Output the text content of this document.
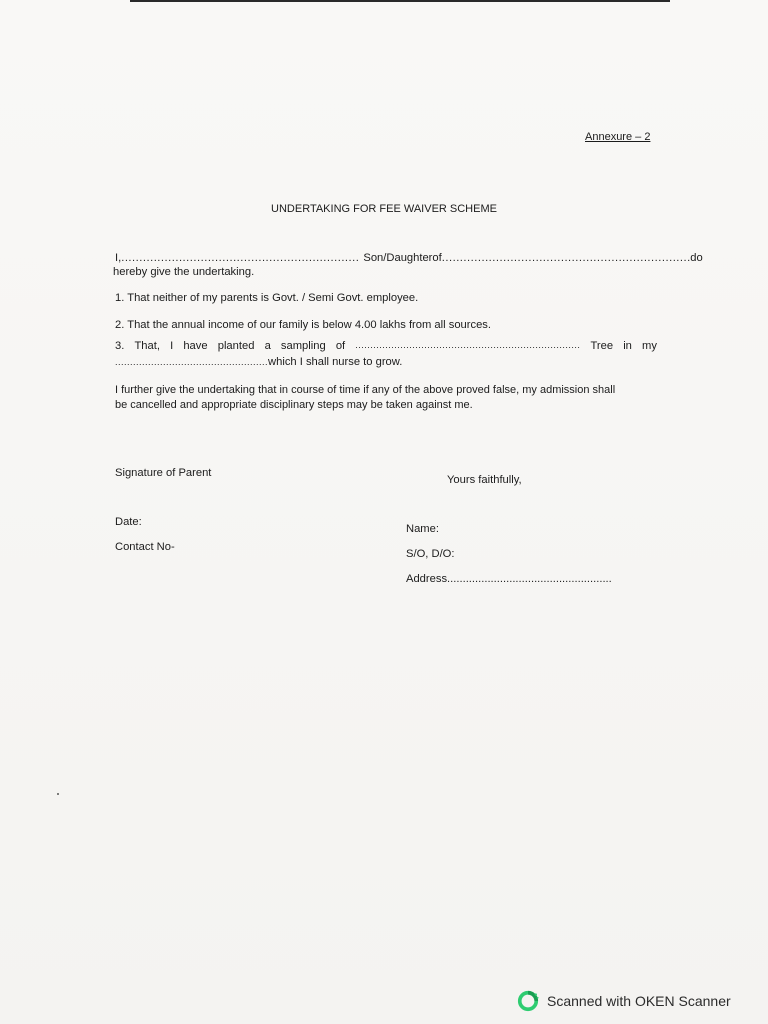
Annexure – 2
UNDERTAKING FOR FEE WAIVER SCHEME
I, .................................................................. Son/Daughter of .................................................................... .do
hereby give the undertaking.
1. That neither of my parents is Govt. / Semi Govt. employee.
2. That the annual income of our family is below 4.00 lakhs from all sources.
3. That, I have planted a sampling of ........................................................................... Tree in my
...................................................which I shall nurse to grow.
I further give the undertaking that in course of time if any of the above proved false, my admission shall
be cancelled and appropriate disciplinary steps may be taken against me.
Signature of Parent
Yours faithfully,
Date:
Name:
Contact No-
S/O, D/O:
Address.....................................................
Scanned with OKEN Scanner
